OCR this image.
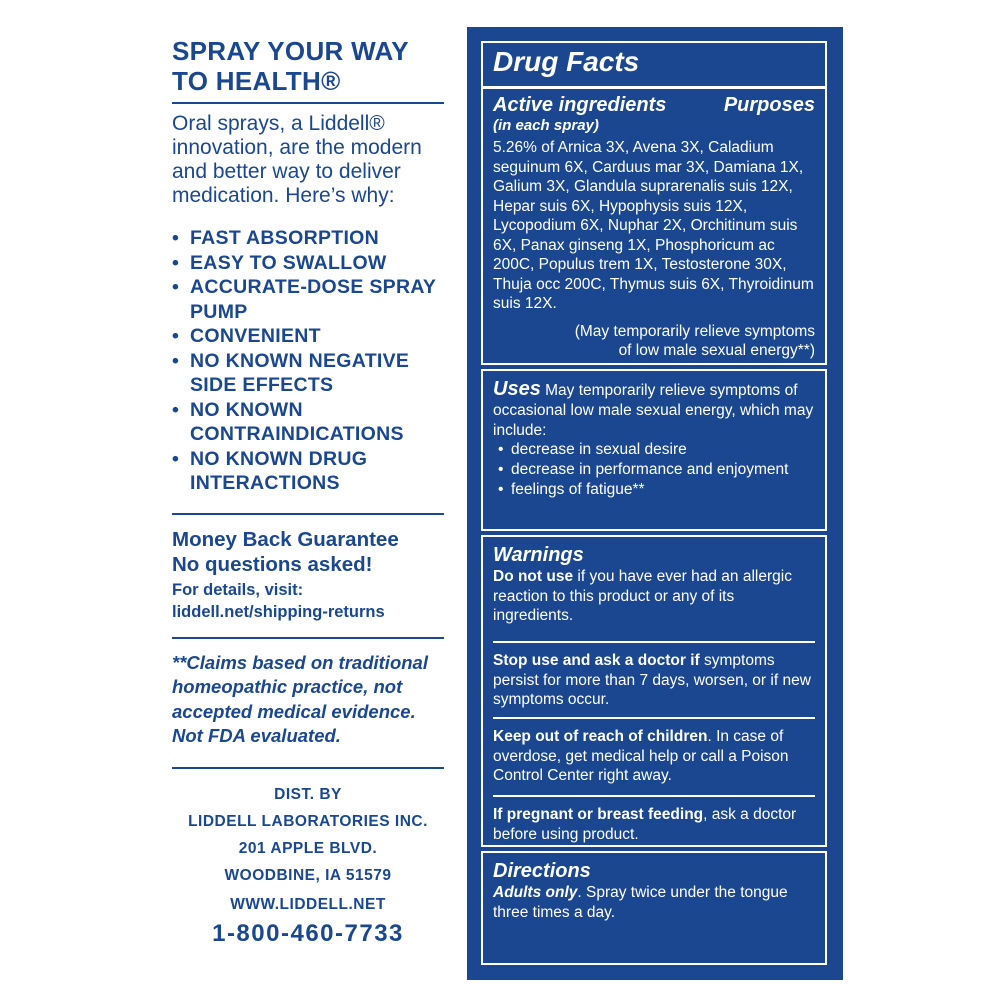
SPRAY YOUR WAY
TO HEALTH®

Oral sprays, a Liddell® innovation, are the modern and better way to deliver medication. Here’s why:

• FAST ABSORPTION
• EASY TO SWALLOW
• ACCURATE-DOSE SPRAY PUMP
• CONVENIENT
• NO KNOWN NEGATIVE SIDE EFFECTS
• NO KNOWN CONTRAINDICATIONS
• NO KNOWN DRUG INTERACTIONS

Money Back Guarantee

No questions asked!

For details, visit:

liddell.net/shipping-returns

**Claims based on traditional homeopathic practice, not accepted medical evidence. Not FDA evaluated.

DIST. BY
LIDDELL LABORATORIES INC.
201 APPLE BLVD.
WOODBINE, IA 51579
WWW.LIDDELL.NET
1-800-460-7733
Drug Facts
Active ingredients	Purposes
(in each spray)
5.26% of Arnica 3X, Avena 3X, Caladium seguinum 6X, Carduus mar 3X, Damiana 1X, Galium 3X, Glandula suprarenalis suis 12X, Hepar suis 6X, Hypophysis suis 12X, Lycopodium 6X, Nuphar 2X, Orchitinum suis 6X, Panax ginseng 1X, Phosphoricum ac 200C, Populus trem 1X, Testosterone 30X, Thuja occ 200C, Thymus suis 6X, Thyroidinum suis 12X.
(May temporarily relieve symptoms
of low male sexual energy**)
Uses May temporarily relieve symptoms of occasional low male sexual energy, which may include:
• decrease in sexual desire
• decrease in performance and enjoyment
• feelings of fatigue**
Warnings
Do not use if you have ever had an allergic reaction to this product or any of its ingredients.
Stop use and ask a doctor if symptoms persist for more than 7 days, worsen, or if new symptoms occur.
Keep out of reach of children. In case of overdose, get medical help or call a Poison Control Center right away.
If pregnant or breast feeding, ask a doctor before using product.
Directions
Adults only. Spray twice under the tongue three times a day.
